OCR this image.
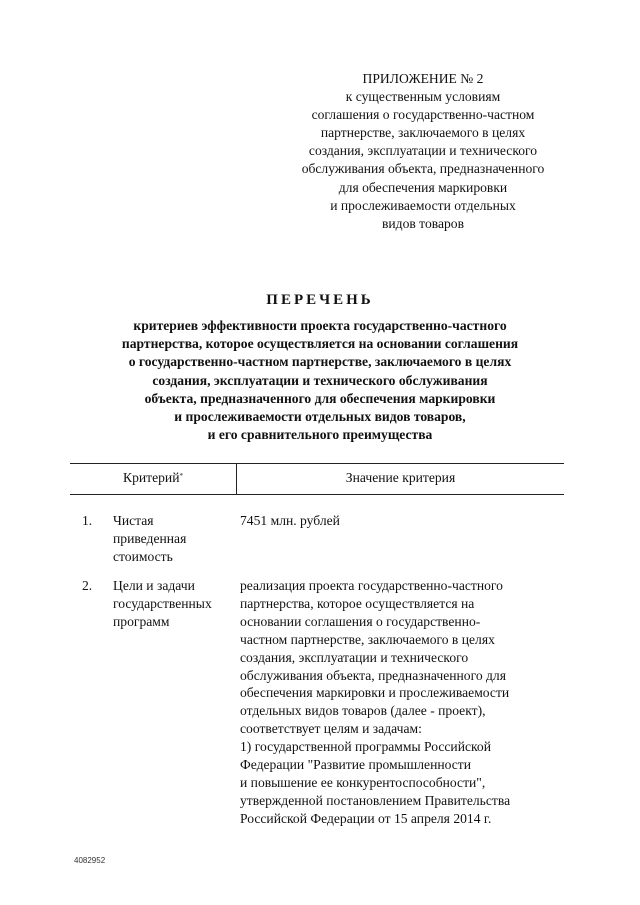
ПРИЛОЖЕНИЕ № 2
к существенным условиям
соглашения о государственно-частном
партнерстве, заключаемого в целях
создания, эксплуатации и технического
обслуживания объекта, предназначенного
для обеспечения маркировки
и прослеживаемости отдельных
видов товаров
ПЕРЕЧЕНЬ
критериев эффективности проекта государственно-частного
партнерства, которое осуществляется на основании соглашения
о государственно-частном партнерстве, заключаемого в целях
создания, эксплуатации и технического обслуживания
объекта, предназначенного для обеспечения маркировки
и прослеживаемости отдельных видов товаров,
и его сравнительного преимущества
Критерий*	Значение критерия
1. Чистая
приведенная
стоимость
7451 млн. рублей
2. Цели и задачи
государственных
программ
реализация проекта государственно-частного
партнерства, которое осуществляется на
основании соглашения о государственно-
частном партнерстве, заключаемого в целях
создания, эксплуатации и технического
обслуживания объекта, предназначенного для
обеспечения маркировки и прослеживаемости
отдельных видов товаров (далее - проект),
соответствует целям и задачам:
1) государственной программы Российской
Федерации "Развитие промышленности
и повышение ее конкурентоспособности",
утвержденной постановлением Правительства
Российской Федерации от 15 апреля 2014 г.
4082952
